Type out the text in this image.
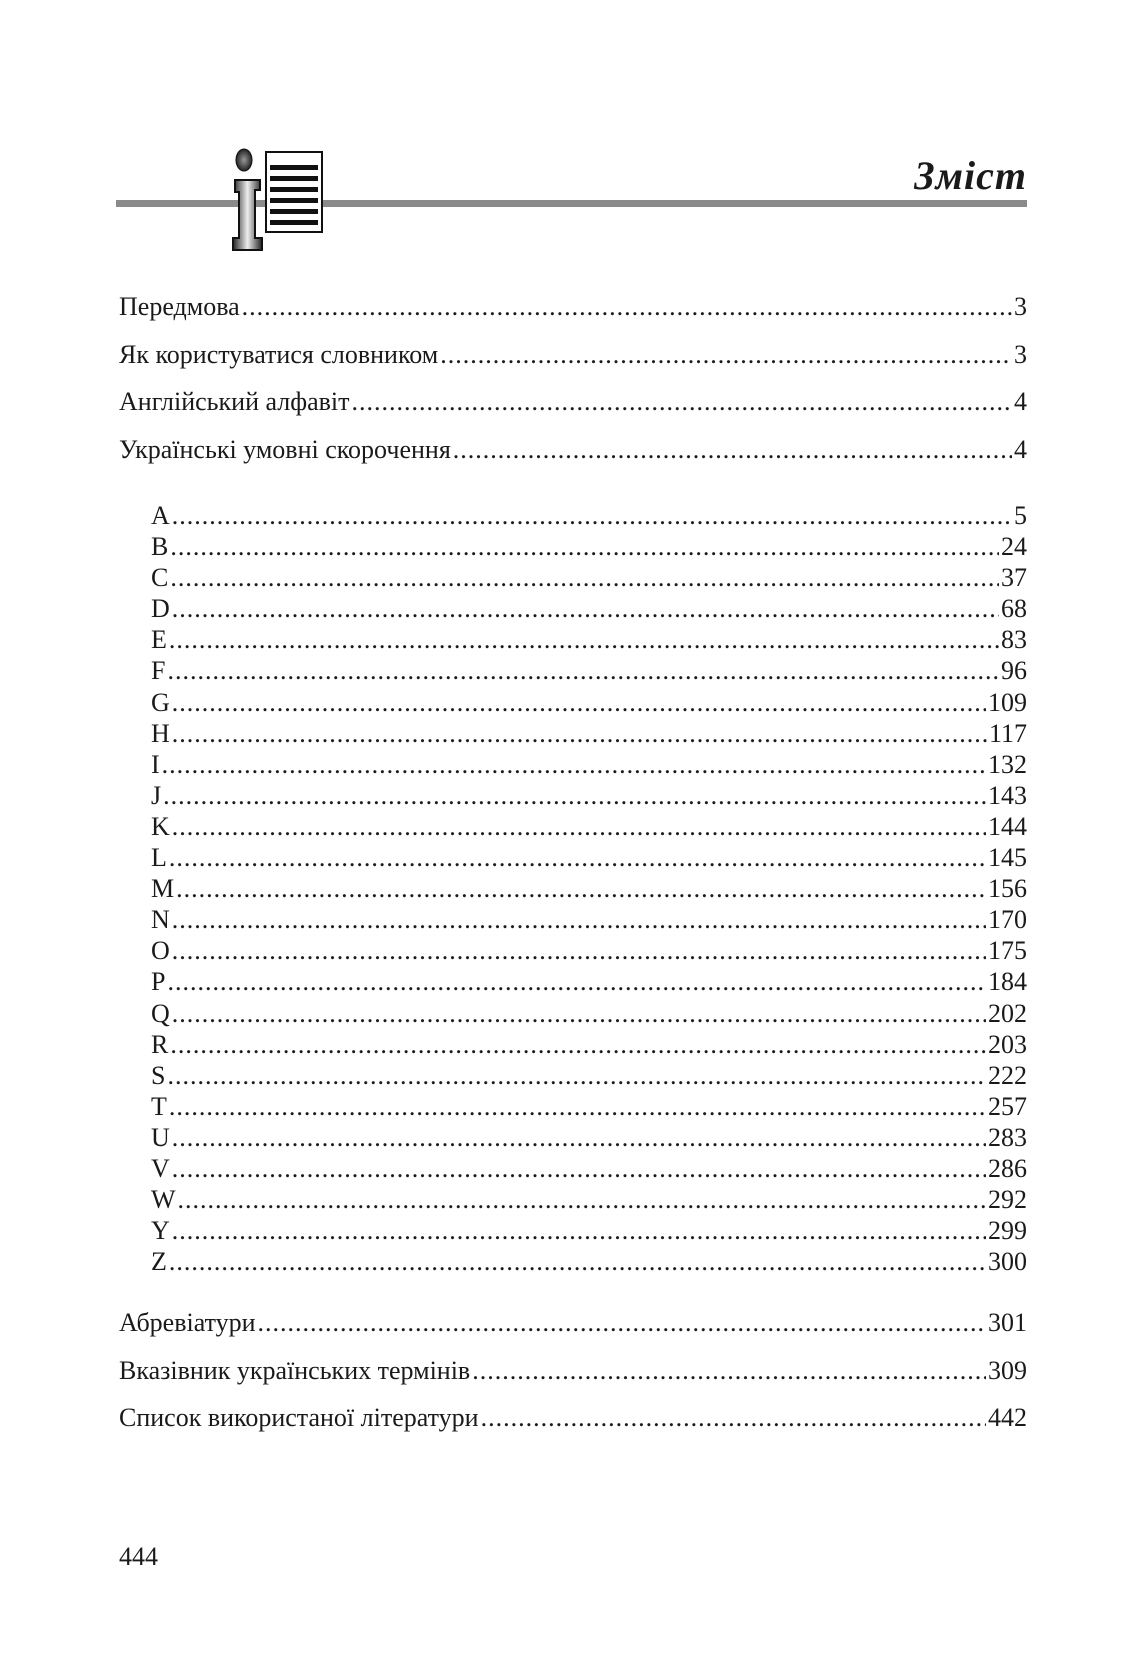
Зміст
Передмова .....	3
Як користуватися словником .....	3
Англійський алфавіт .....	4
Українські умовні скорочення .....	4
A .....	5
B .....	24
C .....	37
D .....	68
E .....	83
F .....	96
G .....	109
H .....	117
I .....	132
J .....	143
K .....	144
L .....	145
M .....	156
N .....	170
O .....	175
P .....	184
Q .....	202
R .....	203
S .....	222
T .....	257
U .....	283
V .....	286
W .....	292
Y .....	299
Z .....	300
Абревіатури .....	301
Вказівник українських термінів .....	309
Список використаної літератури .....	442
444
